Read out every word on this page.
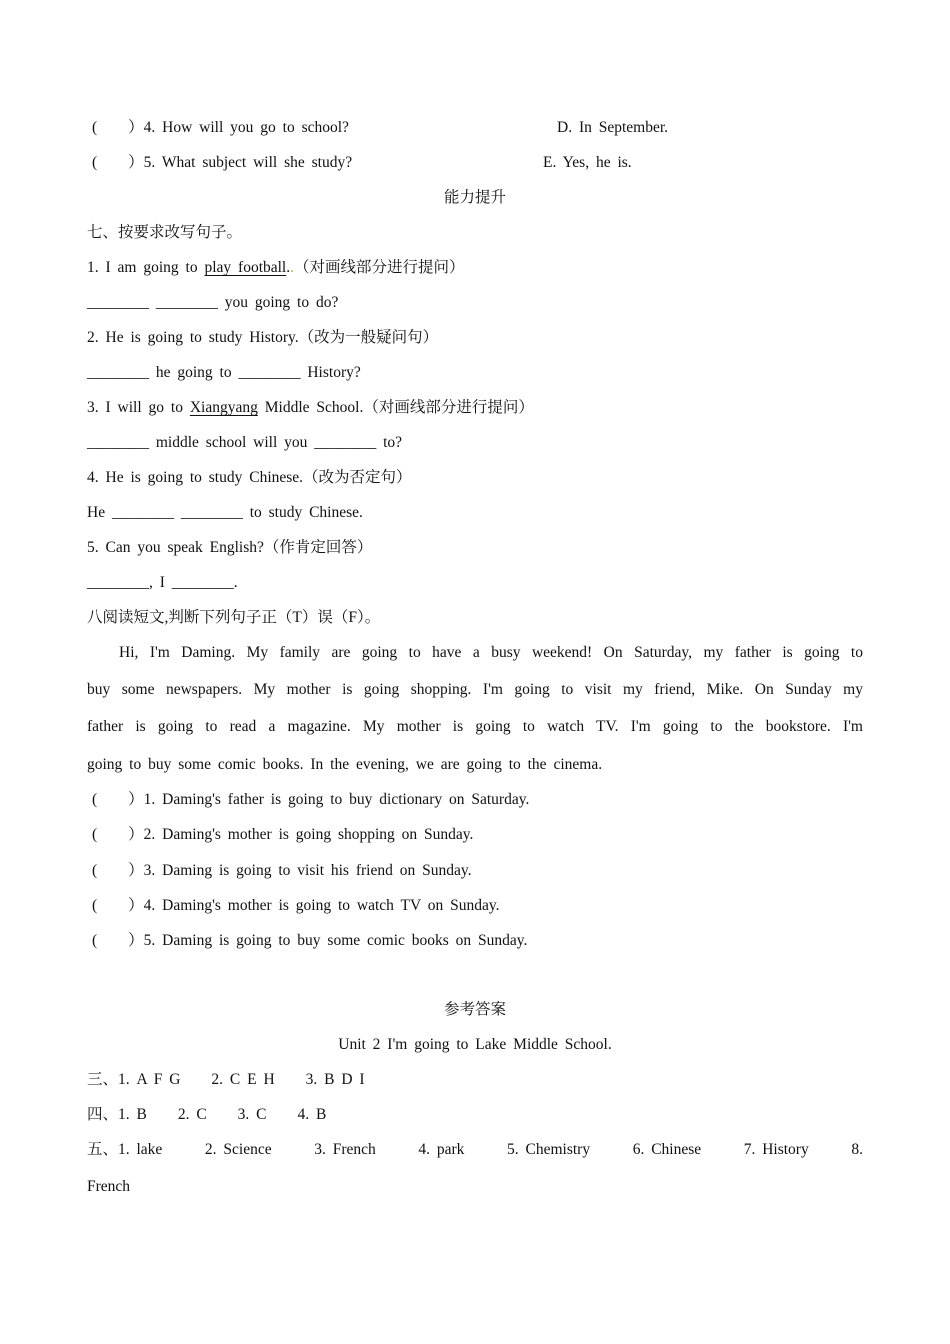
(　　）4. How will you go to school?	D. In September.
(　　）5. What subject will she study?	E. Yes, he is.
能力提升
七、按要求改写句子。
1. I am going to play football..（对画线部分进行提问）
________ ________ you going to do?
2. He is going to study History.（改为一般疑问句）
________ he going to ________ History?
3. I will go to Xiangyang Middle School.（对画线部分进行提问）
________ middle school will you ________ to?
4. He is going to study Chinese.（改为否定句）
He ________ ________ to study Chinese.
5. Can you speak English?（作肯定回答）
________, I ________.
八阅读短文,判断下列句子正（T）误（F）。
Hi, I'm Daming. My family are going to have a busy weekend! On Saturday, my father is going to
buy some newspapers. My mother is going shopping. I'm going to visit my friend, Mike. On Sunday my
father is going to read a magazine. My mother is going to watch TV. I'm going to the bookstore. I'm
going to buy some comic books. In the evening, we are going to the cinema.
(　　）1. Daming's father is going to buy dictionary on Saturday.
(　　）2. Daming's mother is going shopping on Sunday.
(　　）3. Daming is going to visit his friend on Sunday.
(　　）4. Daming's mother is going to watch TV on Sunday.
(　　）5. Daming is going to buy some comic books on Sunday.
参考答案
Unit 2 I'm going to Lake Middle School.
三、1. A F G　　2. C E H　　3. B D I
四、1. B　　2. C　　3. C　　4. B
五、1. lake	2. Science	3. French	4. park	5. Chemistry	6. Chinese	7. History	8.
French
